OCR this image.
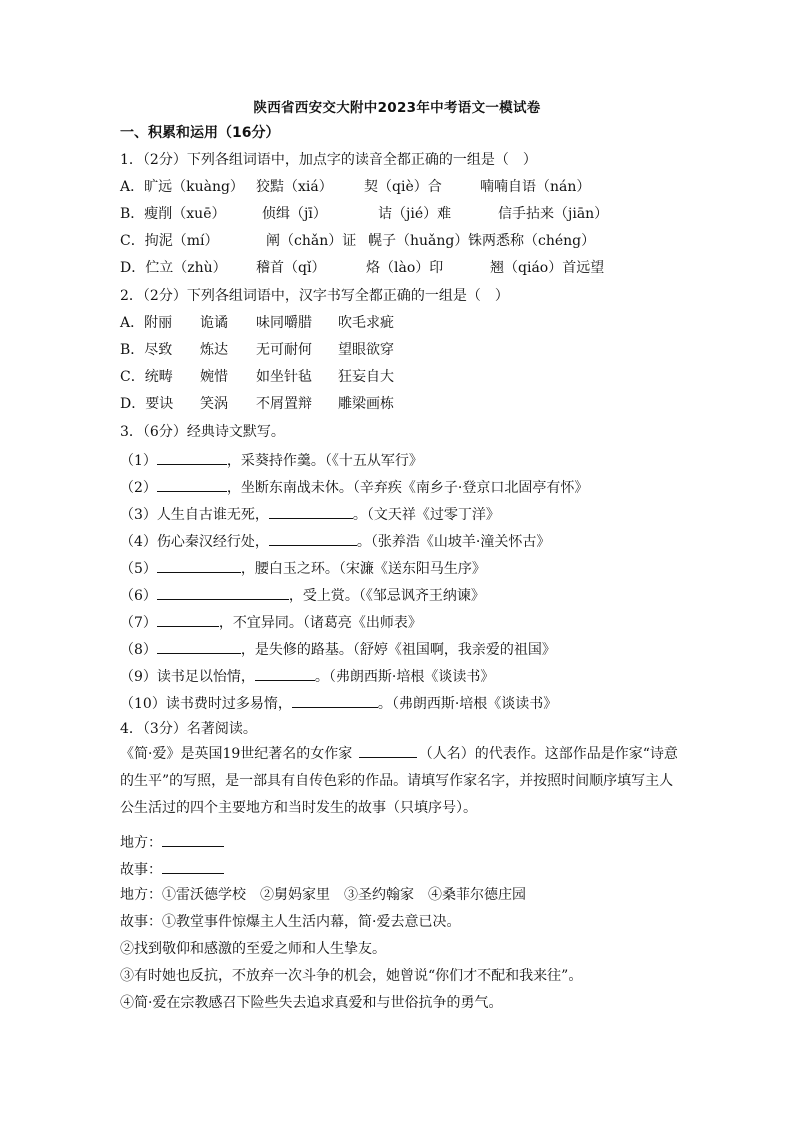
陕西省西安交大附中2023年中考语文一模试卷
一、积累和运用（16分）
1．（2分）下列各组词语中，加点字的读音全都正确的一组是（　）
A．旷远（kuàng） 狡黠（xiá） 契（qiè）合	喃喃自语（nán）
B．瘦削（xuē）	侦缉（jī）	诘（jié）难	信手拈来（jiān）
C．拘泥（mí）	阐（chǎn）证 幌子（huǎng） 铢两悉称（chéng）
D．伫立（zhù） 稽首（qǐ）	烙（lào）印	翘（qiáo）首远望
2．（2分）下列各组词语中，汉字书写全都正确的一组是（　）
A．附丽 诡谲 味同嚼腊 吹毛求疵
B．尽致 炼达 无可耐何 望眼欲穿
C．统畴 婉惜 如坐针毡 狂妄自大
D．要诀 笑涡 不屑置辩 雕梁画栋
3．（6分）经典诗文默写。
（1）	，采葵持作羹。（《十五从军行》
（2）	，坐断东南战未休。（辛弃疾《南乡子·登京口北固亭有怀》
（3）人生自古谁无死，	。（文天祥《过零丁洋》
（4）伤心秦汉经行处，	。（张养浩《山坡羊·潼关怀古》
（5）	，腰白玉之环。（宋濂《送东阳马生序》
（6）	，受上赏。（《邹忌讽齐王纳谏》
（7）	，不宜异同。（诸葛亮《出师表》
（8）	，是失修的路基。（舒婷《祖国啊，我亲爱的祖国》
（9）读书足以怡情，	。（弗朗西斯·培根《谈读书》
（10）读书费时过多易惰，	。（弗朗西斯·培根《谈读书》
4．（3分）名著阅读。
《简·爱》是英国19世纪著名的女作家	（人名）的代表作。这部作品是作家“诗意的生平”的写照，是一部具有自传色彩的作品。请填写作家名字，并按照时间顺序填写主人公生活过的四个主要地方和当时发生的故事（只填序号）。
地方：
故事：
地方：①雷沃德学校　②舅妈家里　③圣约翰家　④桑菲尔德庄园
故事：①教堂事件惊爆主人生活内幕，简·爱去意已决。
②找到敬仰和感激的至爱之师和人生挚友。
③有时她也反抗，不放弃一次斗争的机会，她曾说“你们才不配和我来往”。
④简·爱在宗教感召下险些失去追求真爱和与世俗抗争的勇气。
